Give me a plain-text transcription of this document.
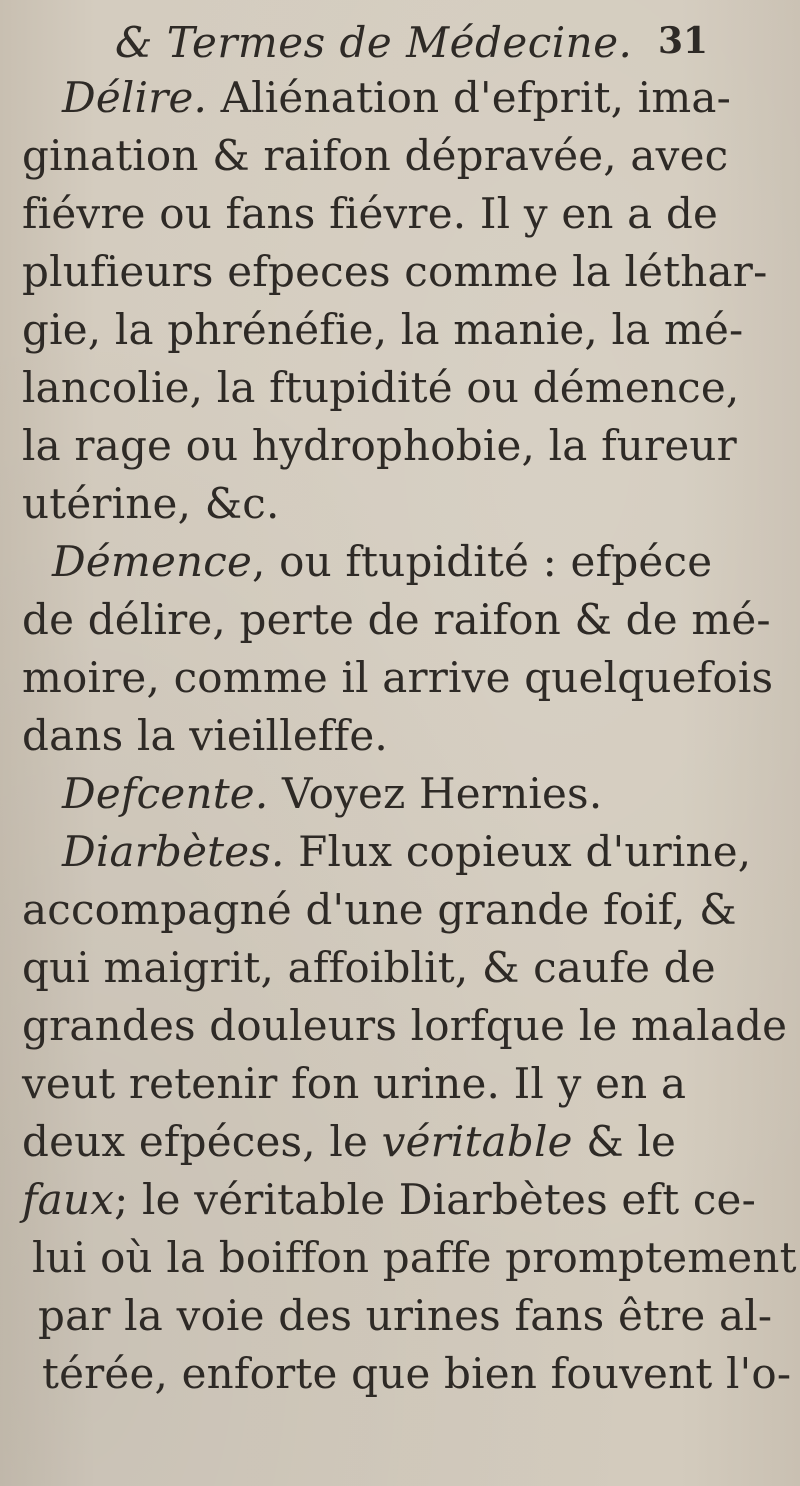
& Termes de Médecine. 31
Délire. Aliénation d'efprit, ima-
gination & raifon dépravée, avec
fiévre ou fans fiévre. Il y en a de
plufieurs efpeces comme la léthar-
gie, la phrénéfie, la manie, la mé-
lancolie, la ftupidité ou démence,
la rage ou hydrophobie, la fureur
utérine, &c.
Démence, ou ftupidité : efpéce
de délire, perte de raifon & de mé-
moire, comme il arrive quelquefois
dans la vieilleffe.
Defcente. Voyez Hernies.
Diarbètes. Flux copieux d'urine,
accompagné d'une grande foif, &
qui maigrit, affoiblit, & caufe de
grandes douleurs lorfque le malade
veut retenir fon urine. Il y en a
deux efpéces, le véritable & le
faux; le véritable Diarbètes eft ce-
lui où la boiffon paffe promptement
par la voie des urines fans être al-
térée, enforte que bien fouvent l'o-
